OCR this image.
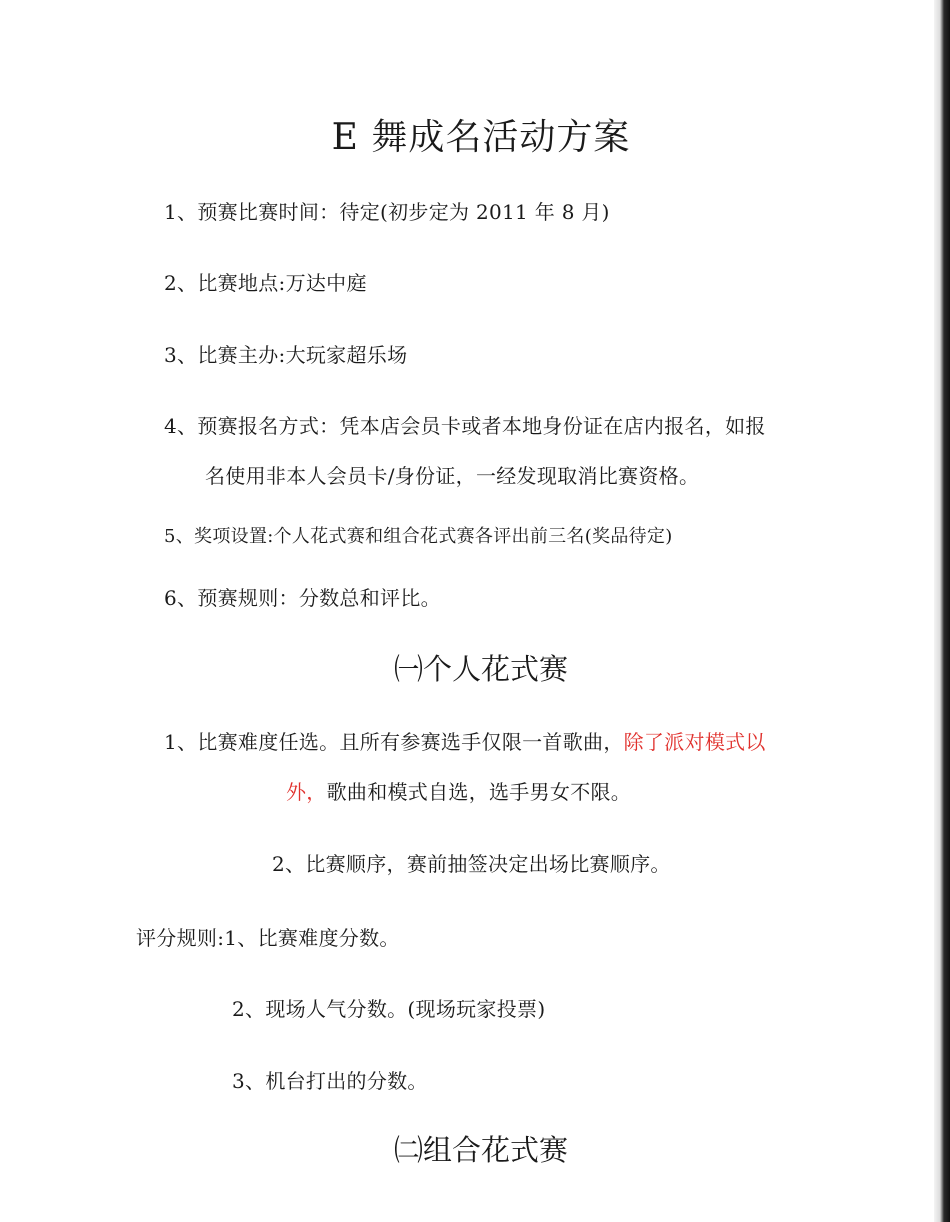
E 舞成名活动方案
1、预赛比赛时间：待定(初步定为 2011 年 8 月)
2、比赛地点:万达中庭
3、比赛主办:大玩家超乐场
4、预赛报名方式：凭本店会员卡或者本地身份证在店内报名，如报
名使用非本人会员卡/身份证，一经发现取消比赛资格。
5、奖项设置:个人花式赛和组合花式赛各评出前三名(奖品待定)
6、预赛规则：分数总和评比。
㈠个人花式赛
1、比赛难度任选。且所有参赛选手仅限一首歌曲，除了派对模式以
外，歌曲和模式自选，选手男女不限。
2、比赛顺序，赛前抽签决定出场比赛顺序。
评分规则:1、比赛难度分数。
2、现场人气分数。(现场玩家投票)
3、机台打出的分数。
㈡组合花式赛
